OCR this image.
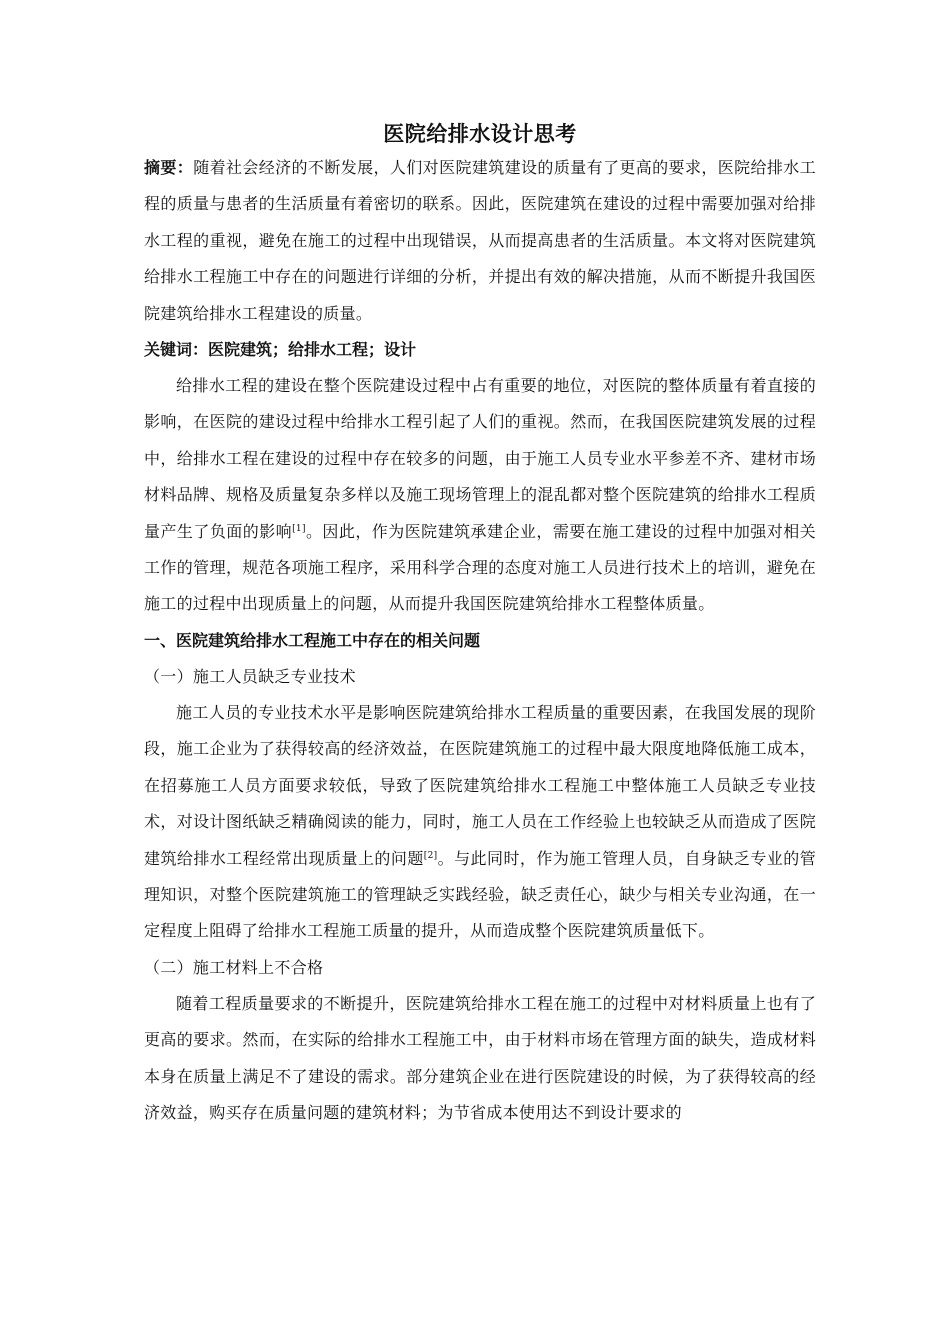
医院给排水设计思考

摘要：随着社会经济的不断发展，人们对医院建筑建设的质量有了更高的要求，医院给排水工程的质量与患者的生活质量有着密切的联系。因此，医院建筑在建设的过程中需要加强对给排水工程的重视，避免在施工的过程中出现错误，从而提高患者的生活质量。本文将对医院建筑给排水工程施工中存在的问题进行详细的分析，并提出有效的解决措施，从而不断提升我国医院建筑给排水工程建设的质量。

关键词：医院建筑；给排水工程；设计

给排水工程的建设在整个医院建设过程中占有重要的地位，对医院的整体质量有着直接的影响，在医院的建设过程中给排水工程引起了人们的重视。然而，在我国医院建筑发展的过程中，给排水工程在建设的过程中存在较多的问题，由于施工人员专业水平参差不齐、建材市场材料品牌、规格及质量复杂多样以及施工现场管理上的混乱都对整个医院建筑的给排水工程质量产生了负面的影响[1]。因此，作为医院建筑承建企业，需要在施工建设的过程中加强对相关工作的管理，规范各项施工程序，采用科学合理的态度对施工人员进行技术上的培训，避免在施工的过程中出现质量上的问题，从而提升我国医院建筑给排水工程整体质量。

一、医院建筑给排水工程施工中存在的相关问题

（一）施工人员缺乏专业技术

施工人员的专业技术水平是影响医院建筑给排水工程质量的重要因素，在我国发展的现阶段，施工企业为了获得较高的经济效益，在医院建筑施工的过程中最大限度地降低施工成本，在招募施工人员方面要求较低，导致了医院建筑给排水工程施工中整体施工人员缺乏专业技术，对设计图纸缺乏精确阅读的能力，同时，施工人员在工作经验上也较缺乏从而造成了医院建筑给排水工程经常出现质量上的问题[2]。与此同时，作为施工管理人员，自身缺乏专业的管理知识，对整个医院建筑施工的管理缺乏实践经验，缺乏责任心，缺少与相关专业沟通，在一定程度上阻碍了给排水工程施工质量的提升，从而造成整个医院建筑质量低下。

（二）施工材料上不合格

随着工程质量要求的不断提升，医院建筑给排水工程在施工的过程中对材料质量上也有了更高的要求。然而，在实际的给排水工程施工中，由于材料市场在管理方面的缺失，造成材料本身在质量上满足不了建设的需求。部分建筑企业在进行医院建设的时候，为了获得较高的经济效益，购买存在质量问题的建筑材料；为节省成本使用达不到设计要求的
